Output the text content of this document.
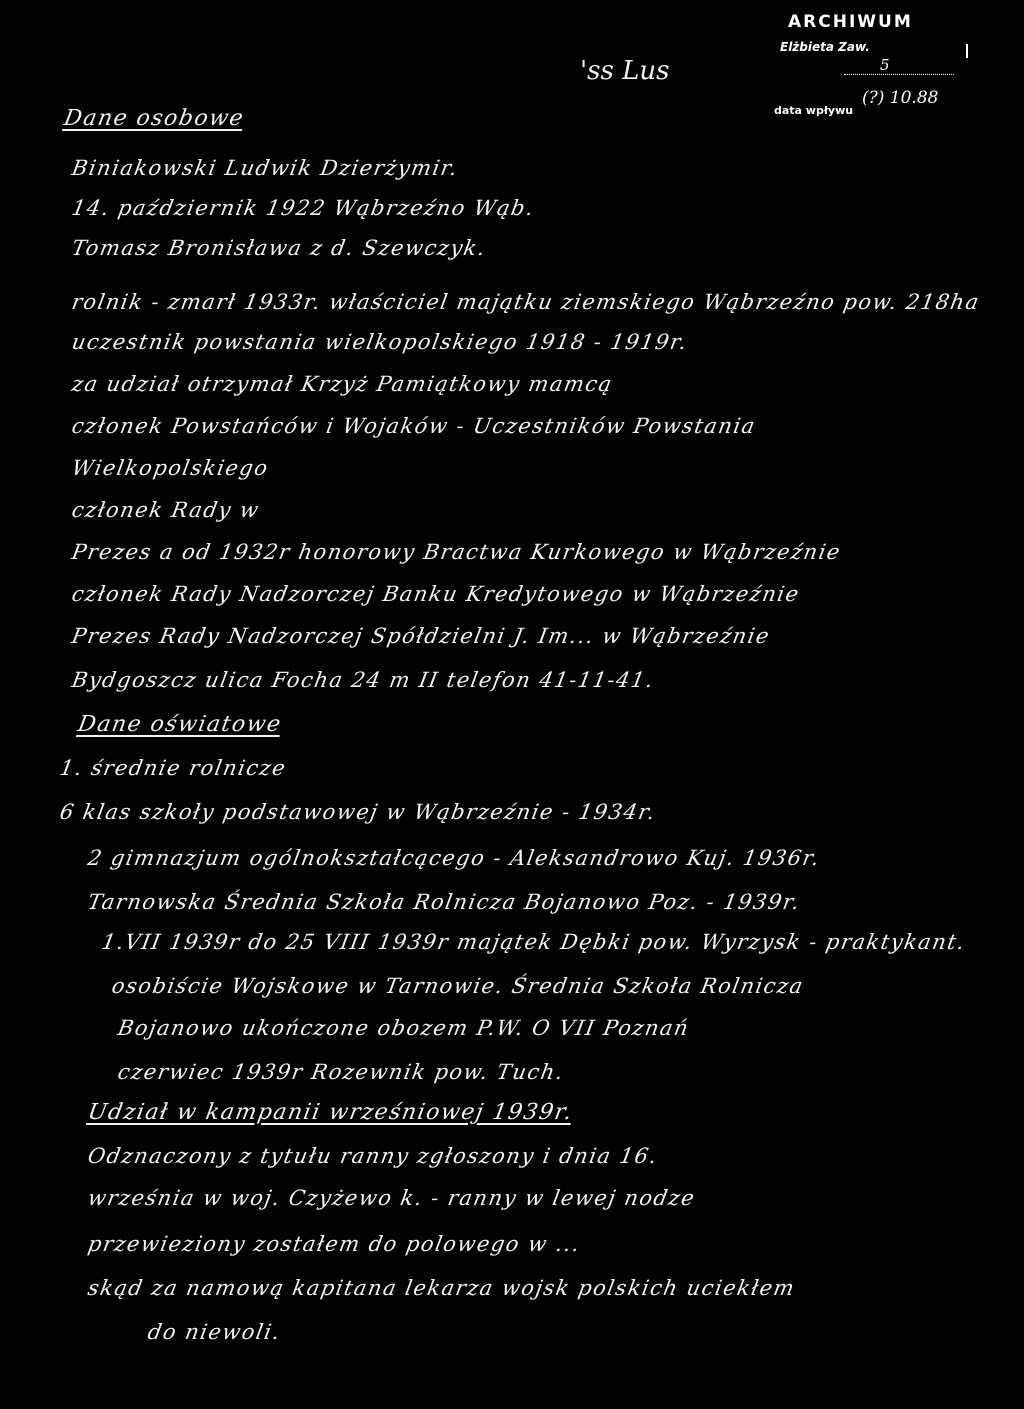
ARCHIWUM
Elżbieta Zaw.
5
(?) 10.88
data wpływu
'ss Lus
Dane osobowe
Biniakowski Ludwik Dzierżymir.
14. październik 1922 Wąbrzeźno Wąb.
Tomasz Bronisława z d. Szewczyk.
rolnik - zmarł 1933r. właściciel majątku ziemskiego Wąbrzeźno pow. 218ha
uczestnik powstania wielkopolskiego 1918 - 1919r.
za udział otrzymał Krzyż Pamiątkowy mamcą
członek Powstańców i Wojaków - Uczestników Powstania
Wielkopolskiego
członek Rady w
Prezes a od 1932r honorowy Bractwa Kurkowego w Wąbrzeźnie
członek Rady Nadzorczej Banku Kredytowego w Wąbrzeźnie
Prezes Rady Nadzorczej Spółdzielni J. Im... w Wąbrzeźnie
Bydgoszcz ulica Focha 24 m II telefon 41-11-41.
Dane oświatowe
1. średnie rolnicze
6 klas szkoły podstawowej w Wąbrzeźnie - 1934r.
2 gimnazjum ogólnokształcącego - Aleksandrowo Kuj. 1936r.
Tarnowska Średnia Szkoła Rolnicza Bojanowo Poz. - 1939r.
1.VII 1939r do 25 VIII 1939r majątek Dębki pow. Wyrzysk - praktykant.
osobiście Wojskowe w Tarnowie. Średnia Szkoła Rolnicza
Bojanowo ukończone obozem P.W. O VII Poznań
czerwiec 1939r Rozewnik pow. Tuch.
Udział w kampanii wrześniowej 1939r.
Odznaczony z tytułu ranny zgłoszony i dnia 16.
września w woj. Czyżewo k. - ranny w lewej nodze
przewieziony zostałem do polowego w ...
skąd za namową kapitana lekarza wojsk polskich uciekłem
do niewoli.
